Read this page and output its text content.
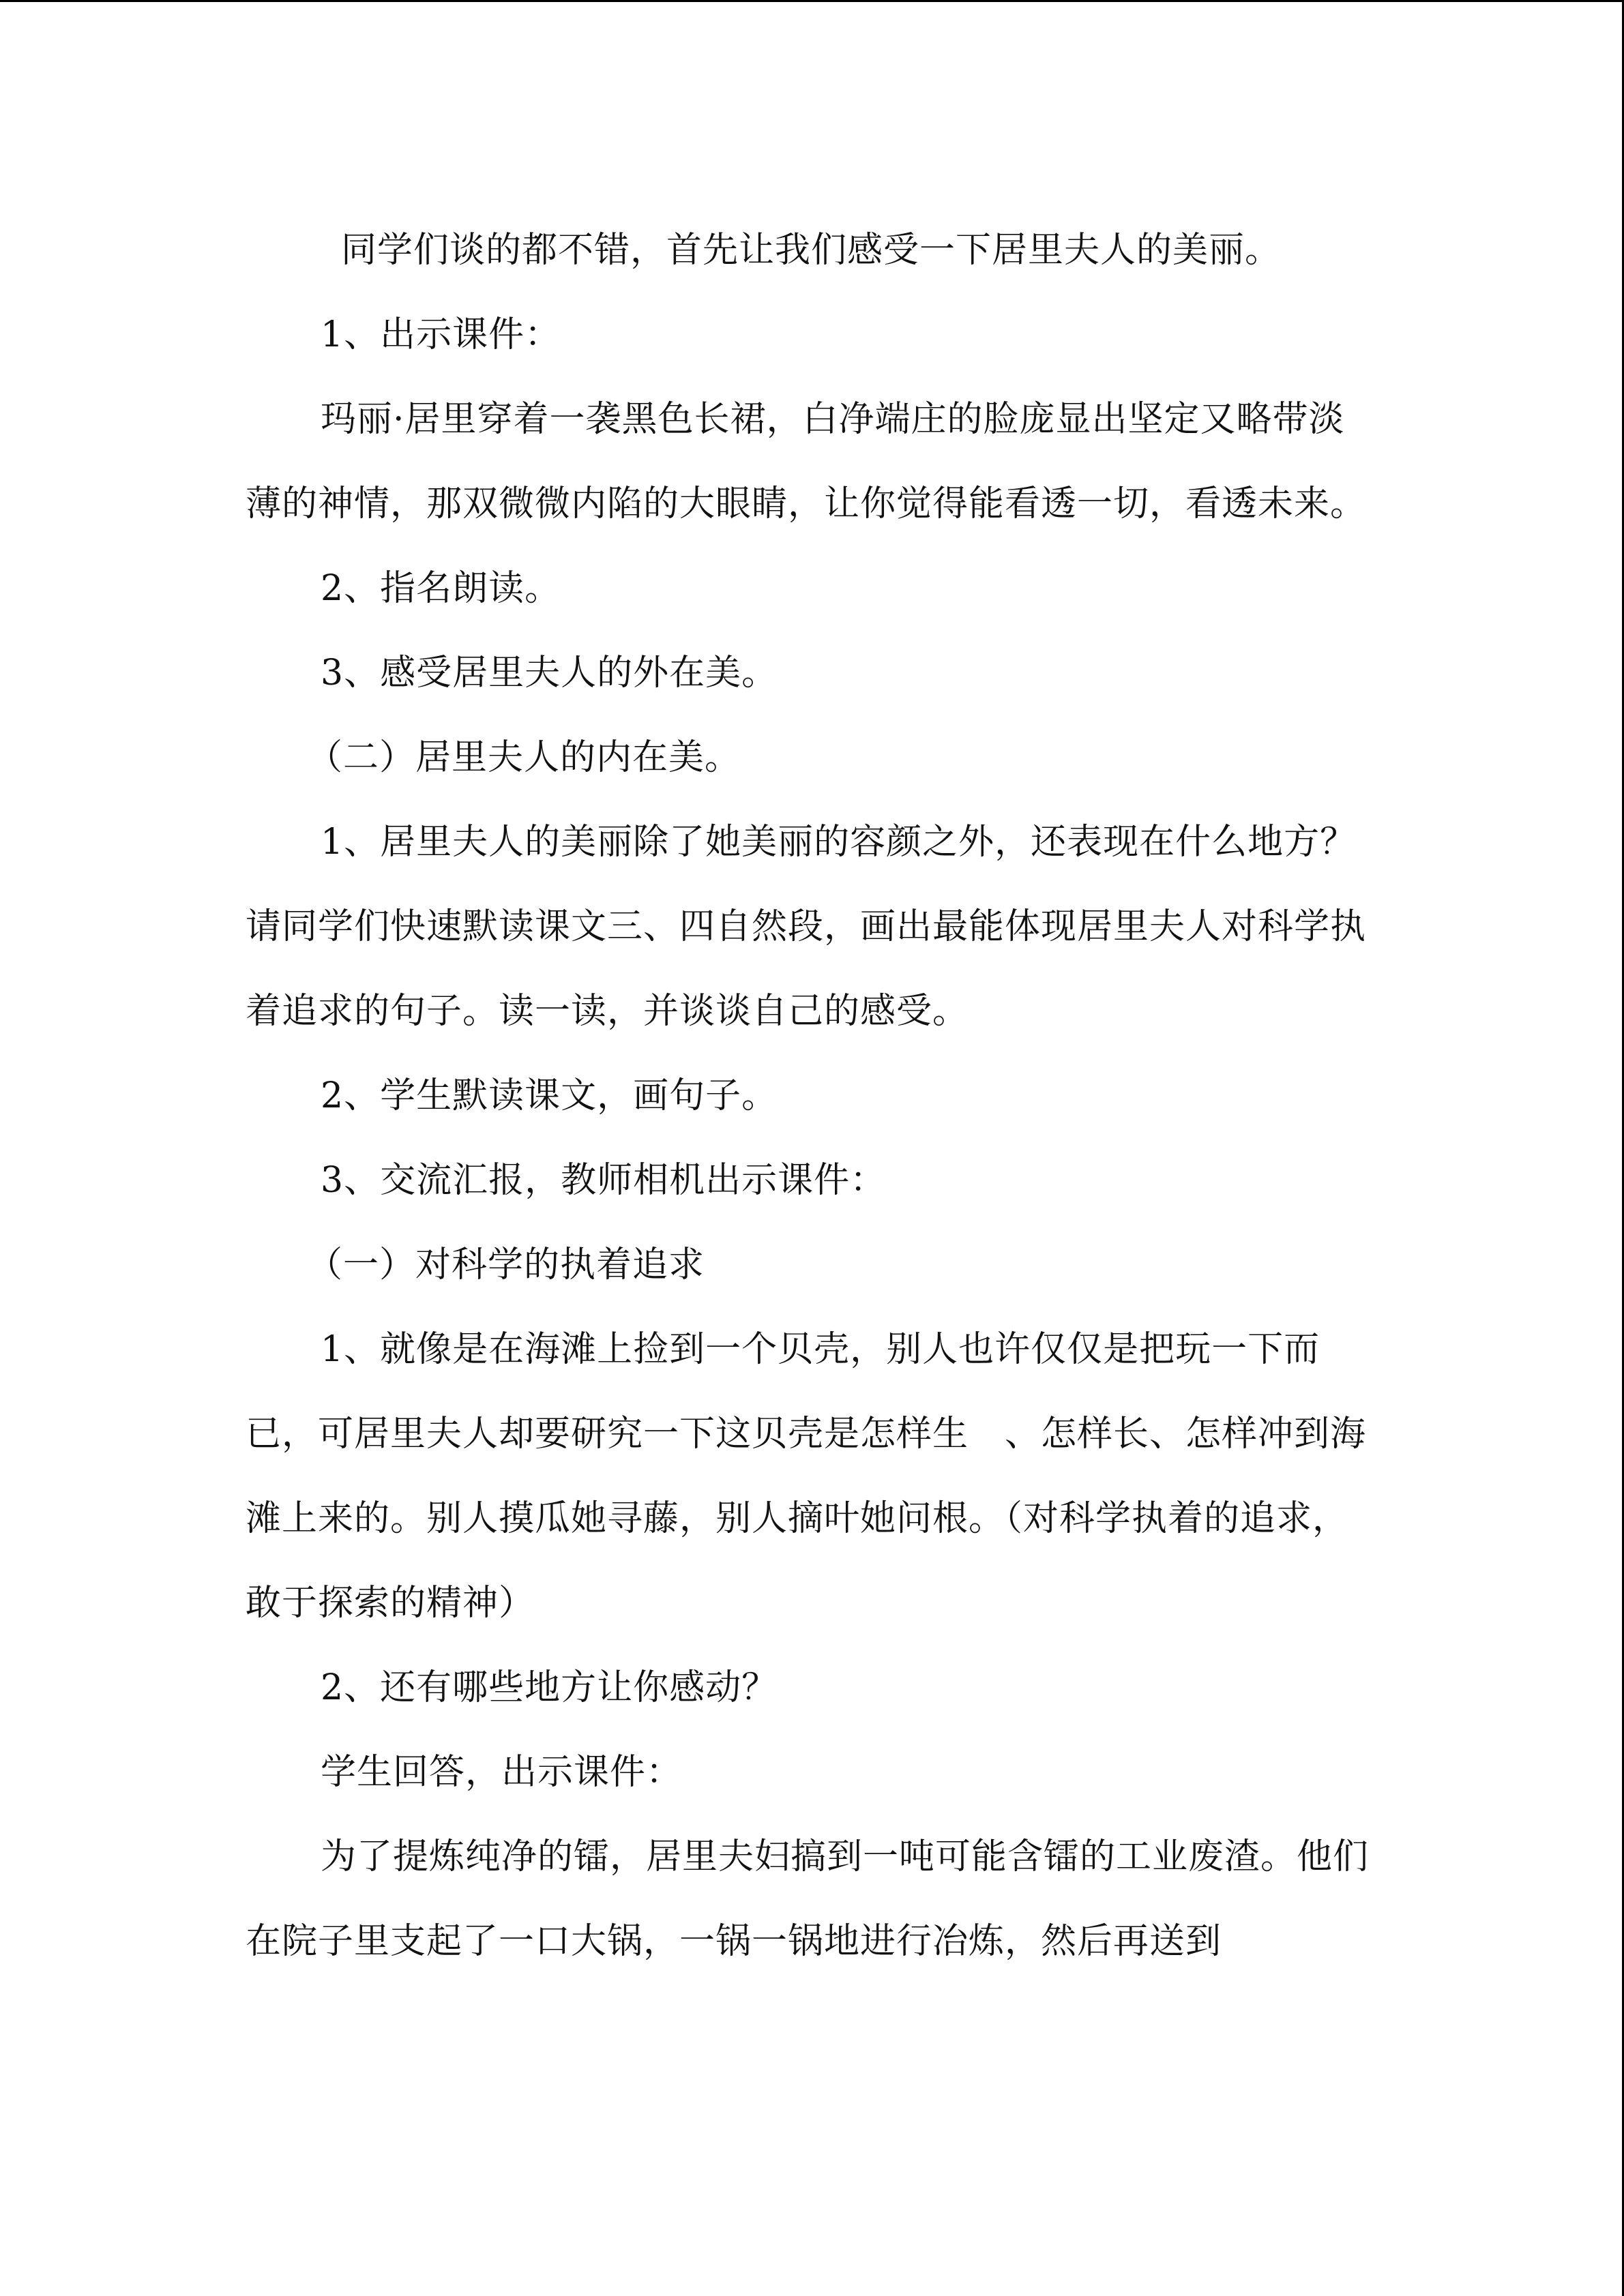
同学们谈的都不错，首先让我们感受一下居里夫人的美丽。

1、出示课件：

玛丽·居里穿着一袭黑色长裙，白净端庄的脸庞显出坚定又略带淡薄的神情，那双微微内陷的大眼睛，让你觉得能看透一切，看透未来。

2、指名朗读。

3、感受居里夫人的外在美。

（二）居里夫人的内在美。

1、居里夫人的美丽除了她美丽的容颜之外，还表现在什么地方？请同学们快速默读课文三、四自然段，画出最能体现居里夫人对科学执着追求的句子。读一读，并谈谈自己的感受。

2、学生默读课文，画句子。

3、交流汇报，教师相机出示课件：

（一）对科学的执着追求

1、就像是在海滩上捡到一个贝壳，别人也许仅仅是把玩一下而已，可居里夫人却要研究一下这贝壳是怎样生　、怎样长、怎样冲到海滩上来的。别人摸瓜她寻藤，别人摘叶她问根。（对科学执着的追求，敢于探索的精神）

2、还有哪些地方让你感动？

学生回答，出示课件：

为了提炼纯净的镭，居里夫妇搞到一吨可能含镭的工业废渣。他们在院子里支起了一口大锅，一锅一锅地进行冶炼，然后再送到
